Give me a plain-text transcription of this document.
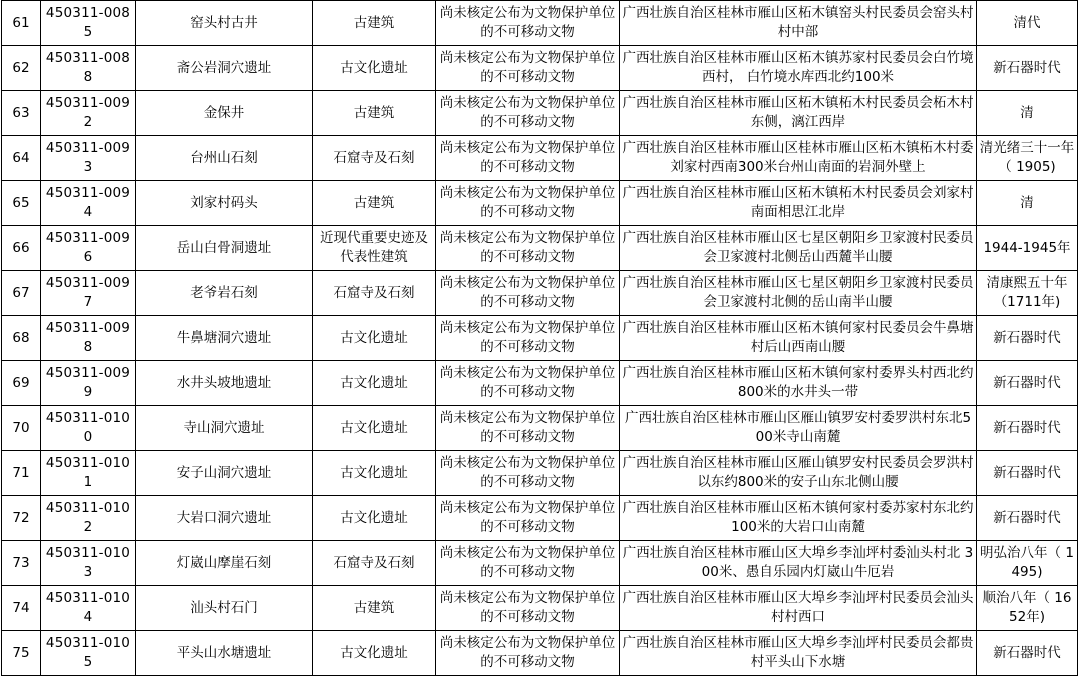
61	450311-0085	窑头村古井	古建筑	尚未核定公布为文物保护单位的不可移动文物	广西壮族自治区桂林市雁山区柘木镇窑头村民委员会窑头村村中部	清代
62	450311-0088	斋公岩洞穴遗址	古文化遗址	尚未核定公布为文物保护单位的不可移动文物	广西壮族自治区桂林市雁山区柘木镇苏家村民委员会白竹境西村， 白竹境水库西北约100米	新石器时代
63	450311-0092	金保井	古建筑	尚未核定公布为文物保护单位的不可移动文物	广西壮族自治区桂林市雁山区柘木镇柘木村民委员会柘木村东侧，漓江西岸	清
64	450311-0093	台州山石刻	石窟寺及石刻	尚未核定公布为文物保护单位的不可移动文物	广西壮族自治区桂林市雁山区桂林市雁山区柘木镇柘木村委刘家村西南300米台州山南面的岩洞外壁上	清光绪三十一年（ 1905)
65	450311-0094	刘家村码头	古建筑	尚未核定公布为文物保护单位的不可移动文物	广西壮族自治区桂林市雁山区柘木镇柘木村民委员会刘家村南面相思江北岸	清
66	450311-0096	岳山白骨洞遗址	近现代重要史迹及代表性建筑	尚未核定公布为文物保护单位的不可移动文物	广西壮族自治区桂林市雁山区七星区朝阳乡卫家渡村民委员会卫家渡村北侧岳山西麓半山腰	1944-1945年
67	450311-0097	老爷岩石刻	石窟寺及石刻	尚未核定公布为文物保护单位的不可移动文物	广西壮族自治区桂林市雁山区七星区朝阳乡卫家渡村民委员会卫家渡村北侧的岳山南半山腰	清康熙五十年（1711年)
68	450311-0098	牛鼻塘洞穴遗址	古文化遗址	尚未核定公布为文物保护单位的不可移动文物	广西壮族自治区桂林市雁山区柘木镇何家村民委员会牛鼻塘村后山西南山腰	新石器时代
69	450311-0099	水井头坡地遗址	古文化遗址	尚未核定公布为文物保护单位的不可移动文物	广西壮族自治区桂林市雁山区柘木镇何家村委界头村西北约800米的水井头一带	新石器时代
70	450311-0100	寺山洞穴遗址	古文化遗址	尚未核定公布为文物保护单位的不可移动文物	广西壮族自治区桂林市雁山区雁山镇罗安村委罗洪村东北500米寺山南麓	新石器时代
71	450311-0101	安子山洞穴遗址	古文化遗址	尚未核定公布为文物保护单位的不可移动文物	广西壮族自治区桂林市雁山区雁山镇罗安村民委员会罗洪村以东约800米的安子山东北侧山腰	新石器时代
72	450311-0102	大岩口洞穴遗址	古文化遗址	尚未核定公布为文物保护单位的不可移动文物	广西壮族自治区桂林市雁山区柘木镇何家村委苏家村东北约100米的大岩口山南麓	新石器时代
73	450311-0103	灯崴山摩崖石刻	石窟寺及石刻	尚未核定公布为文物保护单位的不可移动文物	广西壮族自治区桂林市雁山区大埠乡李汕坪村委汕头村北 300米、愚自乐园内灯崴山牛厄岩	明弘治八年（ 1495)
74	450311-0104	汕头村石门	古建筑	尚未核定公布为文物保护单位的不可移动文物	广西壮族自治区桂林市雁山区大埠乡李汕坪村民委员会汕头村村西口	顺治八年（ 1652年)
75	450311-0105	平头山水塘遗址	古文化遗址	尚未核定公布为文物保护单位的不可移动文物	广西壮族自治区桂林市雁山区大埠乡李汕坪村民委员会都贵村平头山下水塘	新石器时代
